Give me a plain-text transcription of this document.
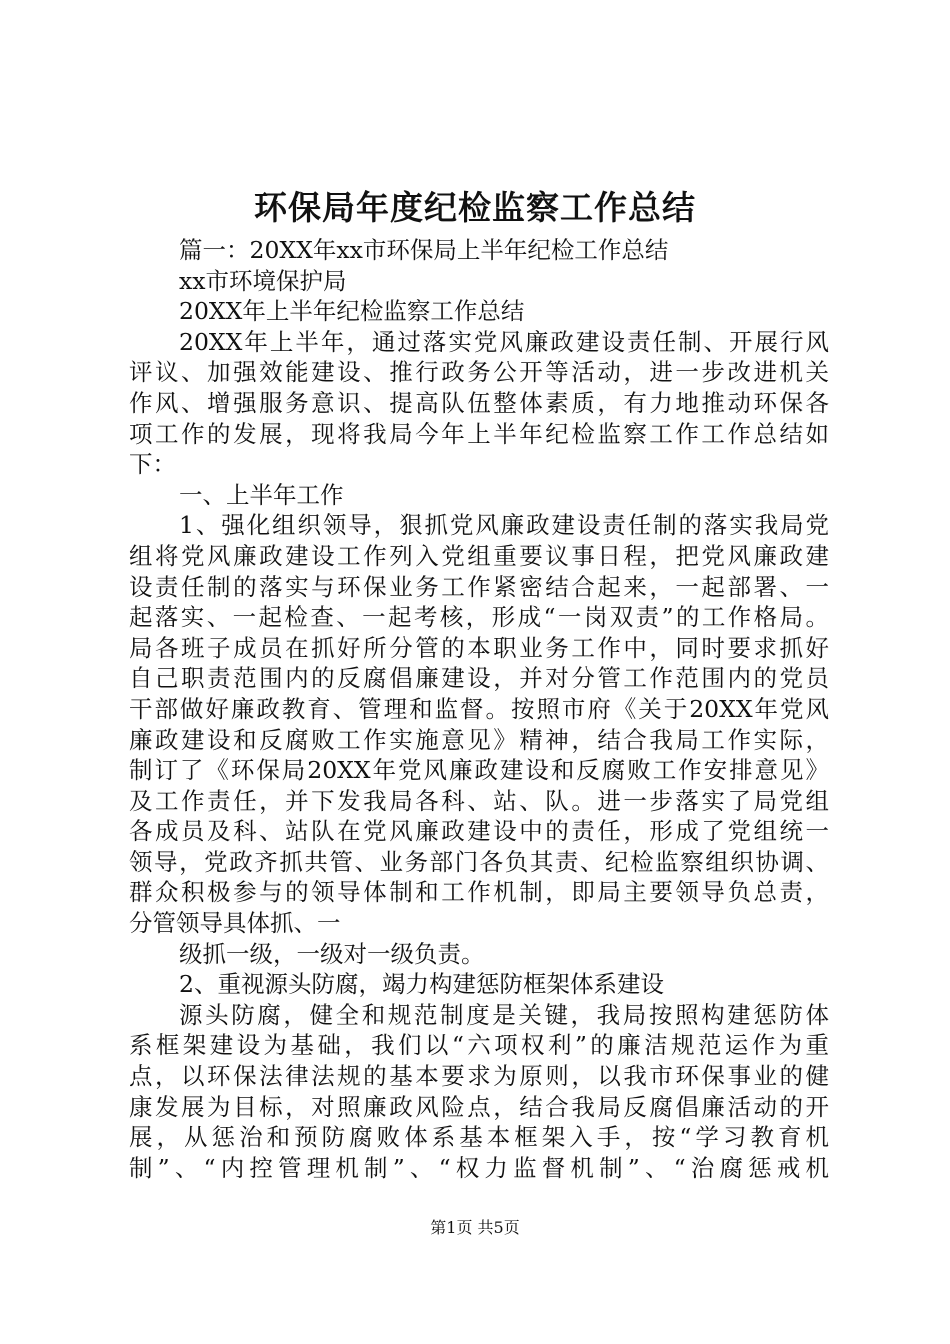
环保局年度纪检监察工作总结
篇一：20XX年xx市环保局上半年纪检工作总结
xx市环境保护局
20XX年上半年纪检监察工作总结
20XX年上半年，通过落实党风廉政建设责任制、开展行风
评议、加强效能建设、推行政务公开等活动，进一步改进机关
作风、增强服务意识、提高队伍整体素质，有力地推动环保各
项工作的发展，现将我局今年上半年纪检监察工作工作总结如
下：
一、上半年工作
1、强化组织领导，狠抓党风廉政建设责任制的落实我局党
组将党风廉政建设工作列入党组重要议事日程，把党风廉政建
设责任制的落实与环保业务工作紧密结合起来，一起部署、一
起落实、一起检查、一起考核，形成“一岗双责”的工作格局。
局各班子成员在抓好所分管的本职业务工作中，同时要求抓好
自己职责范围内的反腐倡廉建设，并对分管工作范围内的党员
干部做好廉政教育、管理和监督。按照市府《关于20XX年党风
廉政建设和反腐败工作实施意见》精神，结合我局工作实际，
制订了《环保局20XX年党风廉政建设和反腐败工作安排意见》
及工作责任，并下发我局各科、站、队。进一步落实了局党组
各成员及科、站队在党风廉政建设中的责任，形成了党组统一
领导，党政齐抓共管、业务部门各负其责、纪检监察组织协调、
群众积极参与的领导体制和工作机制，即局主要领导负总责，
分管领导具体抓、一
级抓一级，一级对一级负责。
2、重视源头防腐，竭力构建惩防框架体系建设
源头防腐，健全和规范制度是关键，我局按照构建惩防体
系框架建设为基础，我们以“六项权利”的廉洁规范运作为重
点，以环保法律法规的基本要求为原则，以我市环保事业的健
康发展为目标，对照廉政风险点，结合我局反腐倡廉活动的开
展，从惩治和预防腐败体系基本框架入手，按“学习教育机
制”、“内控管理机制”、“权力监督机制”、“治腐惩戒机
第1页 共5页
